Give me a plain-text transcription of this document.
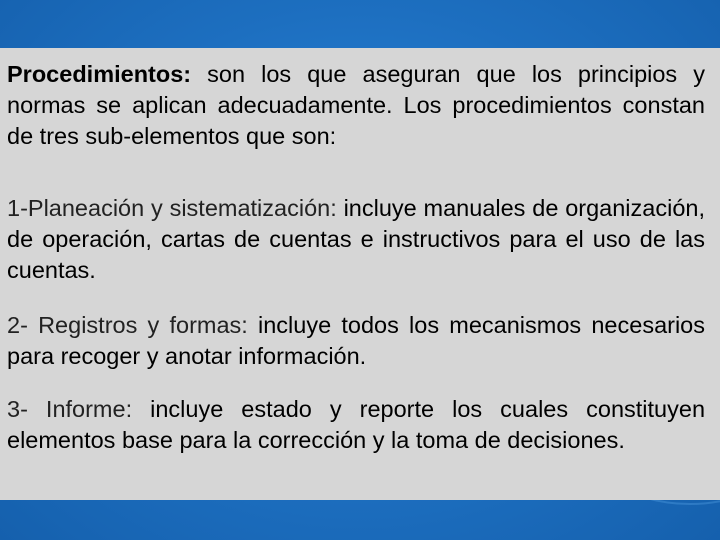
Procedimientos: son los que aseguran que los principios y normas se aplican adecuadamente. Los procedimientos constan de tres sub-elementos que son:

1-Planeación y sistematización: incluye manuales de organización, de operación, cartas de cuentas e instructivos para el uso de las cuentas.

2- Registros y formas: incluye todos los mecanismos necesarios para recoger y anotar información.

3- Informe: incluye estado y reporte los cuales constituyen elementos base para la corrección y la toma de decisiones.
